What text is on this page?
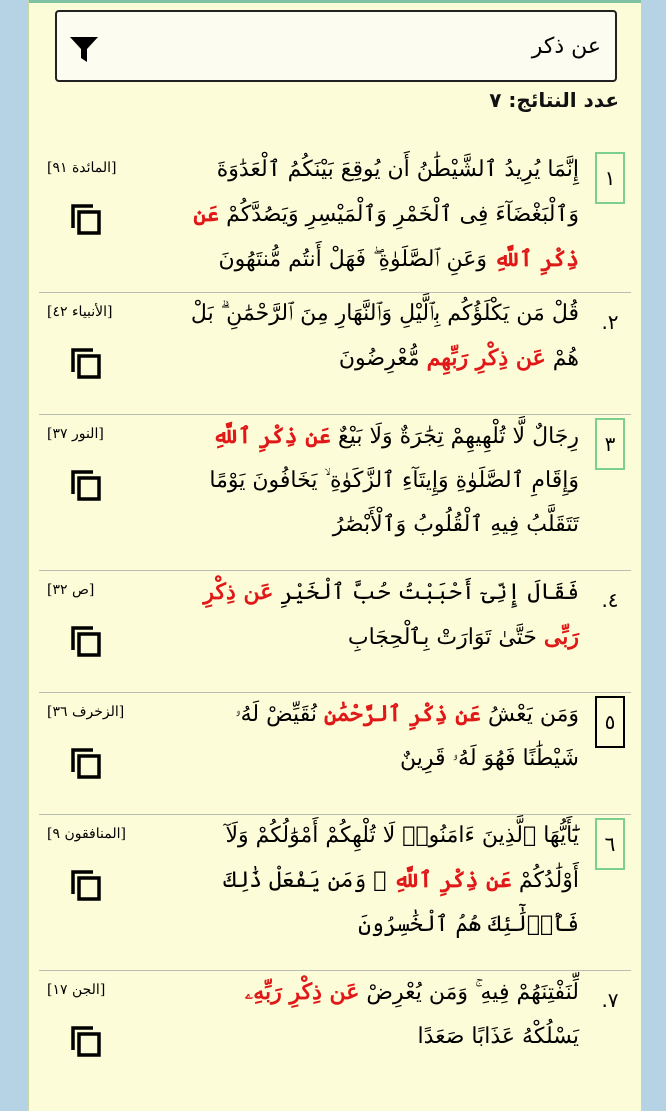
عن ذكر
عدد النتائج: ٧
١
إِنَّمَا يُرِيدُ ٱلشَّيْطَٰنُ أَن يُوقِعَ بَيْنَكُمُ ٱلْعَدَٰوَةَ وَٱلْبَغْضَآءَ فِى ٱلْخَمْرِ وَٱلْمَيْسِرِ وَيَصُدَّكُمْ عَن ذِكْرِ ٱللَّهِ وَعَنِ ٱلصَّلَوٰةِ ۖ فَهَلْ أَنتُم مُّنتَهُونَ
[المائدة ٩١]
٢.
قُلْ مَن يَكْلَؤُكُم بِٱلَّيْلِ وَٱلنَّهَارِ مِنَ ٱلرَّحْمَٰنِ ۗ بَلْ هُمْ عَن ذِكْرِ رَبِّهِم مُّعْرِضُونَ
[الأنبياء ٤٢]
٣
رِجَالٌ لَّا تُلْهِيهِمْ تِجَٰرَةٌ وَلَا بَيْعٌ عَن ذِكْرِ ٱللَّهِ وَإِقَامِ ٱلصَّلَوٰةِ وَإِيتَآءِ ٱلزَّكَوٰةِ ۙ يَخَافُونَ يَوْمًا تَتَقَلَّبُ فِيهِ ٱلْقُلُوبُ وَٱلْأَبْصَٰرُ
[النور ٣٧]
٤.
فَقَالَ إِنِّىٓ أَحْبَبْتُ حُبَّ ٱلْخَيْرِ عَن ذِكْرِ رَبِّى حَتَّىٰ تَوَارَتْ بِٱلْحِجَابِ
[ص ٣٢]
٥
وَمَن يَعْشُ عَن ذِكْرِ ٱلرَّحْمَٰنِ نُقَيِّضْ لَهُۥ شَيْطَٰنًا فَهُوَ لَهُۥ قَرِينٌ
[الزخرف ٣٦]
٦
يَٰٓأَيُّهَا ٱلَّذِينَ ءَامَنُوا۟ لَا تُلْهِكُمْ أَمْوَٰلُكُمْ وَلَآ أَوْلَٰدُكُمْ عَن ذِكْرِ ٱللَّهِ ۚ وَمَن يَفْعَلْ ذَٰلِكَ فَأُو۟لَٰٓئِكَ هُمُ ٱلْخَٰسِرُونَ
[المنافقون ٩]
٧.
لِّنَفْتِنَهُمْ فِيهِ ۚ وَمَن يُعْرِضْ عَن ذِكْرِ رَبِّهِۦ يَسْلُكْهُ عَذَابًا صَعَدًا
[الجن ١٧]
